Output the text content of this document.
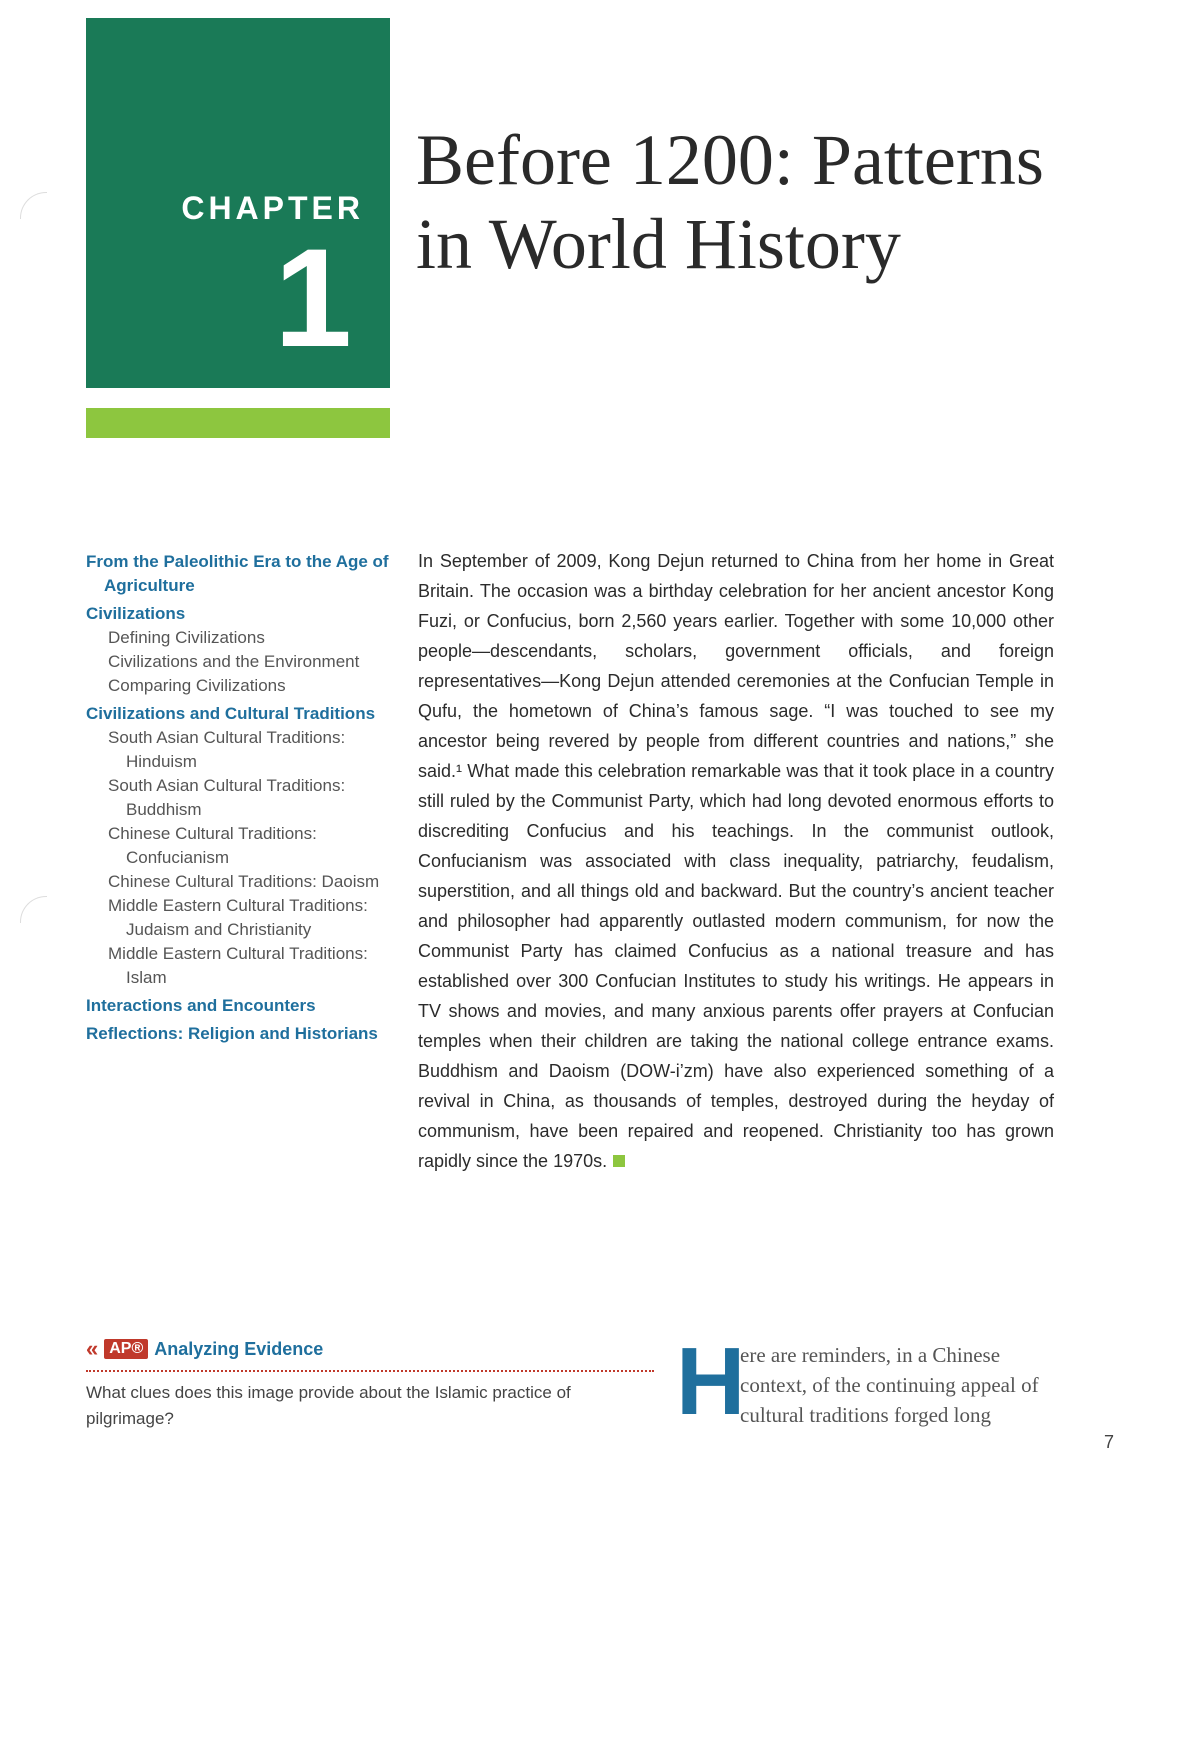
CHAPTER
1
Before 1200: Patterns
in World History
From the Paleolithic Era to the Age of Agriculture
Civilizations
Defining Civilizations
Civilizations and the Environment
Comparing Civilizations
Civilizations and Cultural Traditions
South Asian Cultural Traditions: Hinduism
South Asian Cultural Traditions: Buddhism
Chinese Cultural Traditions: Confucianism
Chinese Cultural Traditions: Daoism
Middle Eastern Cultural Traditions: Judaism and Christianity
Middle Eastern Cultural Traditions: Islam
Interactions and Encounters
Reflections: Religion and Historians

In September of 2009, Kong Dejun returned to China from her home in Great Britain. The occasion was a birthday celebration for her ancient ancestor Kong Fuzi, or Confucius, born 2,560 years earlier. Together with some 10,000 other people—descendants, scholars, government officials, and foreign representatives—Kong Dejun attended ceremonies at the Confucian Temple in Qufu, the hometown of China’s famous sage. “I was touched to see my ancestor being revered by people from different countries and nations,” she said.¹ What made this celebration remarkable was that it took place in a country still ruled by the Communist Party, which had long devoted enormous efforts to discrediting Confucius and his teachings. In the communist outlook, Confucianism was associated with class inequality, patriarchy, feudalism, superstition, and all things old and backward. But the country’s ancient teacher and philosopher had apparently outlasted modern communism, for now the Communist Party has claimed Confucius as a national treasure and has established over 300 Confucian Institutes to study his writings. He appears in TV shows and movies, and many anxious parents offer prayers at Confucian temples when their children are taking the national college entrance exams. Buddhism and Daoism (DOW-i’zm) have also experienced something of a revival in China, as thousands of temples, destroyed during the heyday of communism, have been repaired and reopened. Christianity too has grown rapidly since the 1970s.

« AP® Analyzing Evidence
What clues does this image provide about the Islamic practice of pilgrimage?	H

ere are reminders, in a Chinese context, of the continuing appeal of cultural traditions forged long

7
